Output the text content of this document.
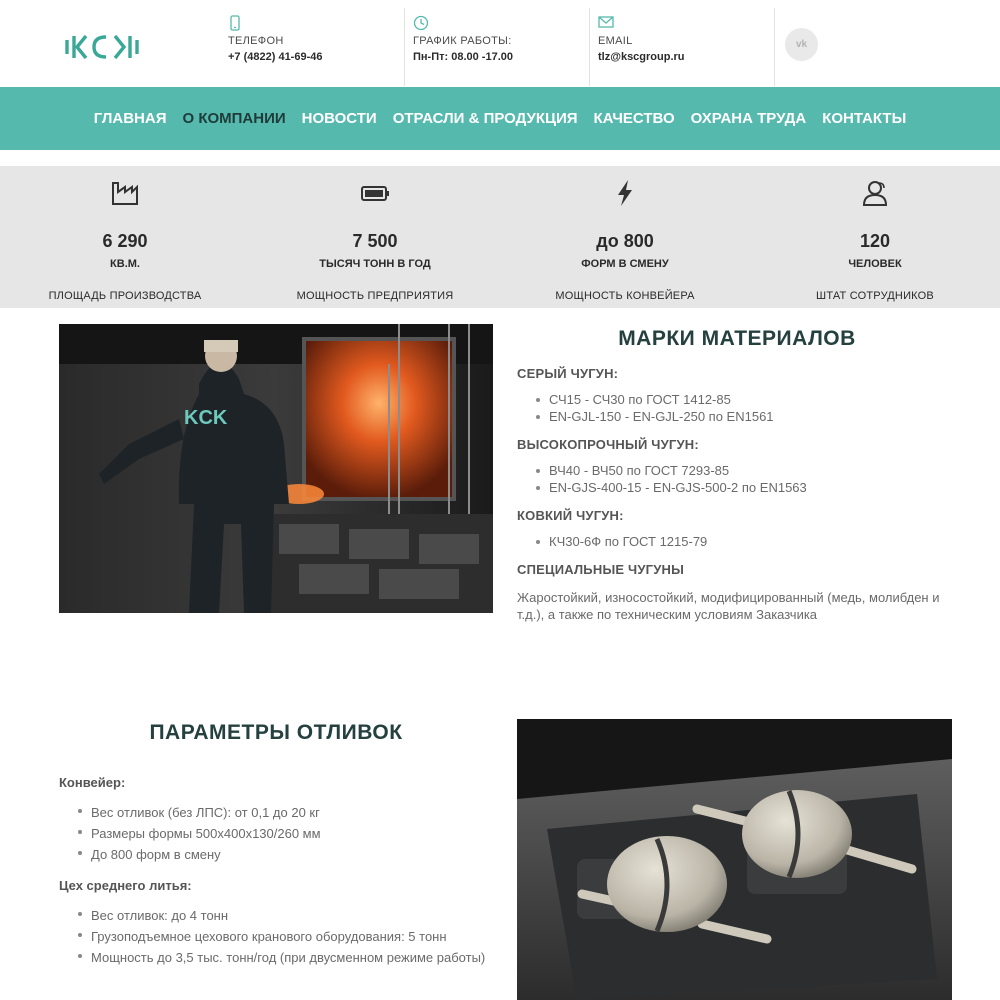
ТЕЛЕФОН
+7 (4822) 41-69-46
ГРАФИК РАБОТЫ:
Пн-Пт: 08.00 -17.00
EMAIL
tlz@kscgroup.ru
vk
ГЛАВНАЯ	О КОМПАНИИ	НОВОСТИ	ОТРАСЛИ & ПРОДУКЦИЯ	КАЧЕСТВО	ОХРАНА ТРУДА	КОНТАКТЫ
6 290
КВ.М.
ПЛОЩАДЬ ПРОИЗВОДСТВА
7 500
ТЫСЯЧ ТОНН В ГОД
МОЩНОСТЬ ПРЕДПРИЯТИЯ
до 800
ФОРМ В СМЕНУ
МОЩНОСТЬ КОНВЕЙЕРА
120
ЧЕЛОВЕК
ШТАТ СОТРУДНИКОВ
KCK
МАРКИ МАТЕРИАЛОВ
СЕРЫЙ ЧУГУН:
СЧ15 - СЧ30 по ГОСТ 1412-85
EN-GJL-150 - EN-GJL-250 по EN1561
ВЫСОКОПРОЧНЫЙ ЧУГУН:
ВЧ40 - ВЧ50 по ГОСТ 7293-85
EN-GJS-400-15 - EN-GJS-500-2 по EN1563
КОВКИЙ ЧУГУН:
КЧ30-6Ф по ГОСТ 1215-79
СПЕЦИАЛЬНЫЕ ЧУГУНЫ

Жаростойкий, износостойкий, модифицированный (медь, молибден и т.д.), а также по техническим условиям Заказчика

ПАРАМЕТРЫ ОТЛИВОК
Конвейер:
Вес отливок (без ЛПС): от 0,1 до 20 кг
Размеры формы 500х400х130/260 мм
До 800 форм в смену
Цех среднего литья:
Вес отливок: до 4 тонн
Грузоподъемное цехового кранового оборудования: 5 тонн
Мощность до 3,5 тыс. тонн/год (при двусменном режиме работы)
